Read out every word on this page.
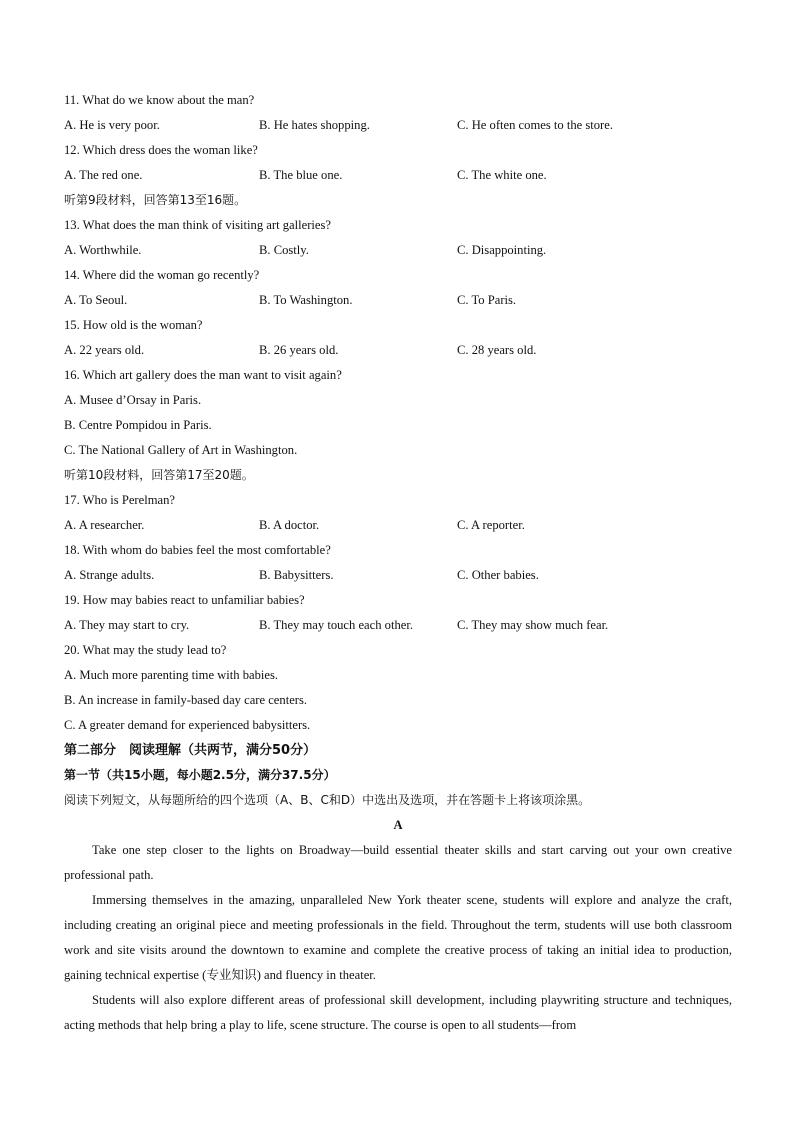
11. What do we know about the man?
A. He is very poor.	B. He hates shopping.	C. He often comes to the store.
12. Which dress does the woman like?
A. The red one.	B. The blue one.	C. The white one.
听第9段材料，回答第13至16题。
13. What does the man think of visiting art galleries?
A. Worthwhile.	B. Costly.	C. Disappointing.
14. Where did the woman go recently?
A. To Seoul.	B. To Washington.	C. To Paris.
15. How old is the woman?
A. 22 years old.	B. 26 years old.	C. 28 years old.
16. Which art gallery does the man want to visit again?
A. Musee d’Orsay in Paris.
B. Centre Pompidou in Paris.
C. The National Gallery of Art in Washington.
听第10段材料，回答第17至20题。
17. Who is Perelman?
A. A researcher.	B. A doctor.	C. A reporter.
18. With whom do babies feel the most comfortable?
A. Strange adults.	B. Babysitters.	C. Other babies.
19. How may babies react to unfamiliar babies?
A. They may start to cry.	B. They may touch each other.	C. They may show much fear.
20. What may the study lead to?
A. Much more parenting time with babies.
B. An increase in family-based day care centers.
C. A greater demand for experienced babysitters.
第二部分　阅读理解（共两节，满分50分）
第一节（共15小题，每小题2.5分，满分37.5分）
阅读下列短文，从每题所给的四个选项（A、B、C和D）中选出及选项，并在答题卡上将该项涂黑。
A

Take one step closer to the lights on Broadway—build essential theater skills and start carving out your own creative professional path.

Immersing themselves in the amazing, unparalleled New York theater scene, students will explore and analyze the craft, including creating an original piece and meeting professionals in the field. Throughout the term, students will use both classroom work and site visits around the downtown to examine and complete the creative process of taking an initial idea to production, gaining technical expertise (专业知识) and fluency in theater.

Students will also explore different areas of professional skill development, including playwriting structure and techniques, acting methods that help bring a play to life, scene structure. The course is open to all students—from
